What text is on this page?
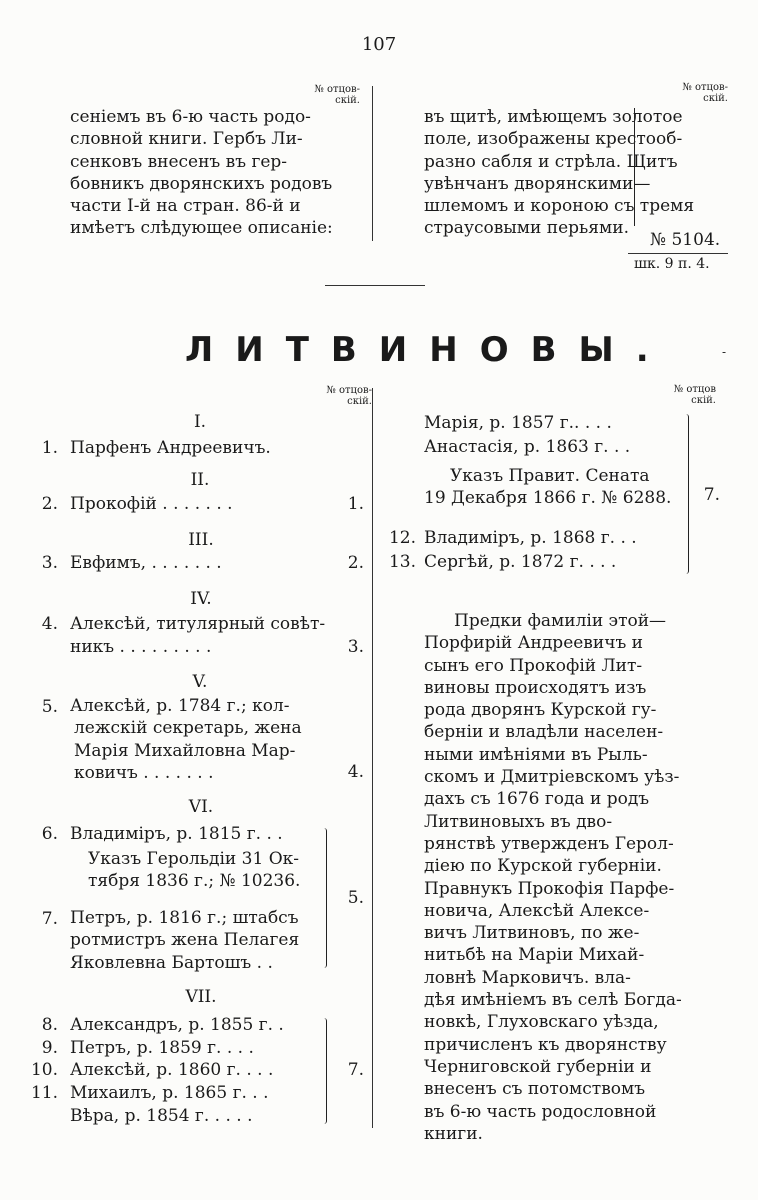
107
№ отцов-
скій.
№ отцов-
скій.
сеніемъ въ 6-ю часть родо-
словной книги. Гербъ Ли-
сенковъ внесенъ въ гер-
бовникъ дворянскихъ родовъ
части I-й на стран. 86-й и
имѣетъ слѣдующее описаніе:
въ щитѣ, имѣющемъ золотое
поле, изображены крестооб-
разно сабля и стрѣла. Щитъ
увѣнчанъ дворянскими—
шлемомъ и короною съ тремя
страусовыми перьями.
№ 5104.
шк. 9 п. 4.
ЛИТВИНОВЫ.	-
№ отцов-
скій.
№ отцов
скій.
I.
1. Парфенъ Андреевичъ.
II.
2. Прокофій . . . . . . .	1.
III.
3. Евфимъ, . . . . . . .	2.
IV.
4. Алексѣй, титулярный совѣт-
никъ . . . . . . . . .	3.
V.
5. Алексѣй, р. 1784 г.; кол-
лежскій секретарь, жена
Марія Михайловна Мар-
ковичъ . . . . . . .	4.
VI.
6. Владиміръ, р. 1815 г. . .
Указъ Герольдіи 31 Ок-
тября 1836 г.; № 10236.
7. Петръ, р. 1816 г.; штабсъ
ротмистръ жена Пелагея
Яковлевна Бартошъ . .
5.
VII.
8. Александръ, р. 1855 г. .
9. Петръ, р. 1859 г. . . .
10. Алексѣй, р. 1860 г. . . .
11. Михаилъ, р. 1865 г. . .
Вѣра, р. 1854 г. . . . .
7.
Марія, р. 1857 г.. . . .
Анастасія, р. 1863 г. . .
Указъ Правит. Сената
19 Декабря 1866 г. № 6288.
12. Владиміръ, р. 1868 г. . .
13. Сергѣй, р. 1872 г. . . .
7.
Предки фамиліи этой—
Порфирій Андреевичъ и
сынъ его Прокофій Лит-
виновы происходятъ изъ
рода дворянъ Курской гу-
берніи и владѣли населен-
ными имѣніями въ Рыль-
скомъ и Дмитріевскомъ уѣз-
дахъ съ 1676 года и родъ
Литвиновыхъ въ дво-
рянствѣ утвержденъ Герол-
діею по Курской губерніи.
Правнукъ Прокофія Парфе-
новича, Алексѣй Алексе-
вичъ Литвиновъ, по же-
нитьбѣ на Маріи Михай-
ловнѣ Марковичъ. вла-
дѣя имѣніемъ въ селѣ Богда-
новкѣ, Глуховскаго уѣзда,
причисленъ къ дворянству
Черниговской губерніи и
внесенъ съ потомствомъ
въ 6-ю часть родословной
книги.
